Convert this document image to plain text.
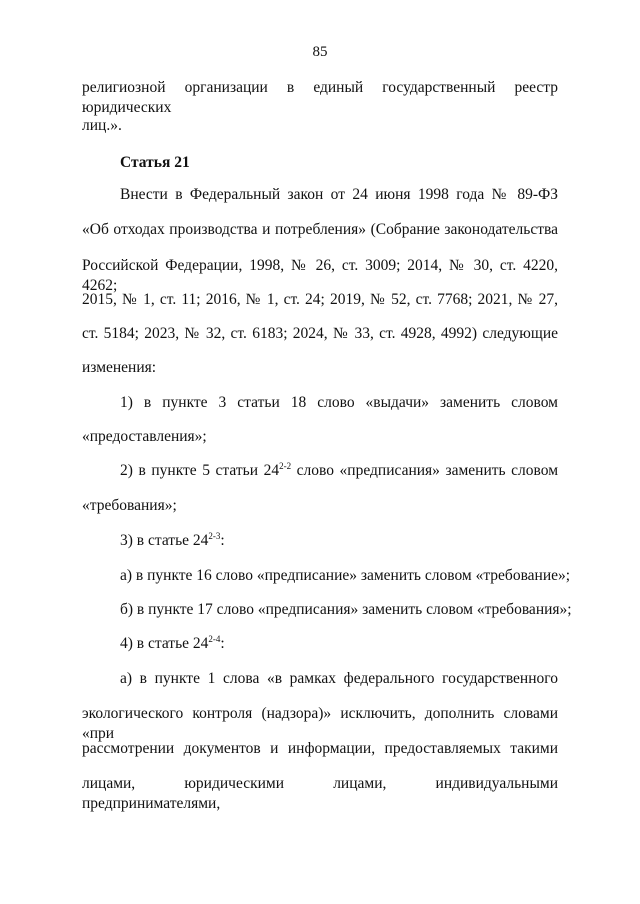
85
религиозной организации в единый государственный реестр юридических
лиц.».
Статья 21
Внести в Федеральный закон от 24 июня 1998 года № 89-ФЗ
«Об отходах производства и потребления» (Собрание законодательства
Российской Федерации, 1998, № 26, ст. 3009; 2014, № 30, ст. 4220, 4262;
2015, № 1, ст. 11; 2016, № 1, ст. 24; 2019, № 52, ст. 7768; 2021, № 27,
ст. 5184; 2023, № 32, ст. 6183; 2024, № 33, ст. 4928, 4992) следующие
изменения:
1) в пункте 3 статьи 18 слово «выдачи» заменить словом
«предоставления»;
2) в пункте 5 статьи 24$^{2-2}$ слово «предписания» заменить словом
«требования»;
3) в статье 24$^{2-3}$:
а) в пункте 16 слово «предписание» заменить словом «требование»;
б) в пункте 17 слово «предписания» заменить словом «требования»;
4) в статье 24$^{2-4}$:
а) в пункте 1 слова «в рамках федерального государственного
экологического контроля (надзора)» исключить, дополнить словами «при
рассмотрении документов и информации, предоставляемых такими
лицами, юридическими лицами, индивидуальными предпринимателями,
